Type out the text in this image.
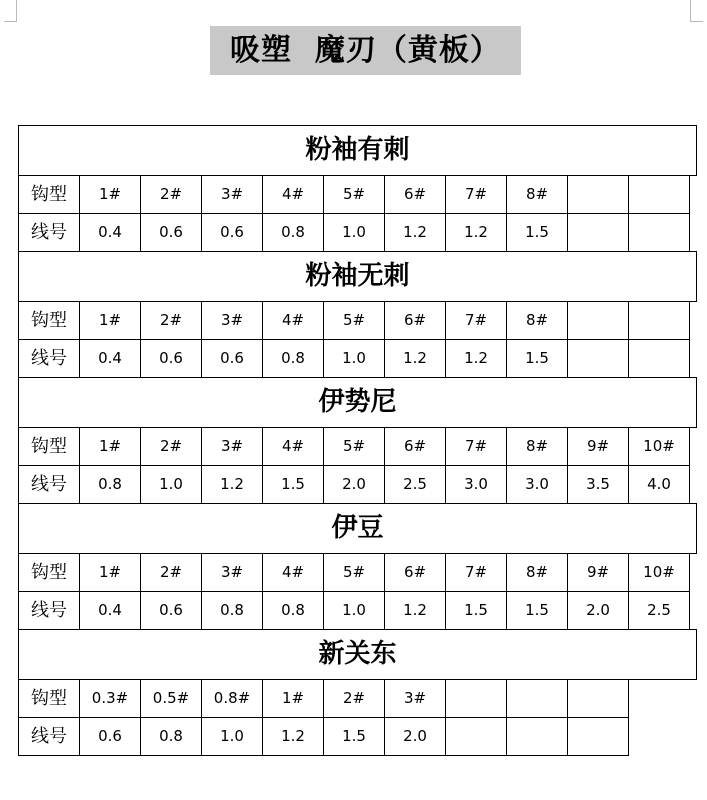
吸塑  魔刃（黄板）
粉袖有刺
钩型	1#	2#	3#	4#	5#	6#	7#	8#
线号	0.4	0.6	0.6	0.8	1.0	1.2	1.2	1.5
粉袖无刺
钩型	1#	2#	3#	4#	5#	6#	7#	8#
线号	0.4	0.6	0.6	0.8	1.0	1.2	1.2	1.5
伊势尼
钩型	1#	2#	3#	4#	5#	6#	7#	8#	9#	10#
线号	0.8	1.0	1.2	1.5	2.0	2.5	3.0	3.0	3.5	4.0
伊豆
钩型	1#	2#	3#	4#	5#	6#	7#	8#	9#	10#
线号	0.4	0.6	0.8	0.8	1.0	1.2	1.5	1.5	2.0	2.5
新关东
钩型	0.3#	0.5#	0.8#	1#	2#	3#
线号	0.6	0.8	1.0	1.2	1.5	2.0
